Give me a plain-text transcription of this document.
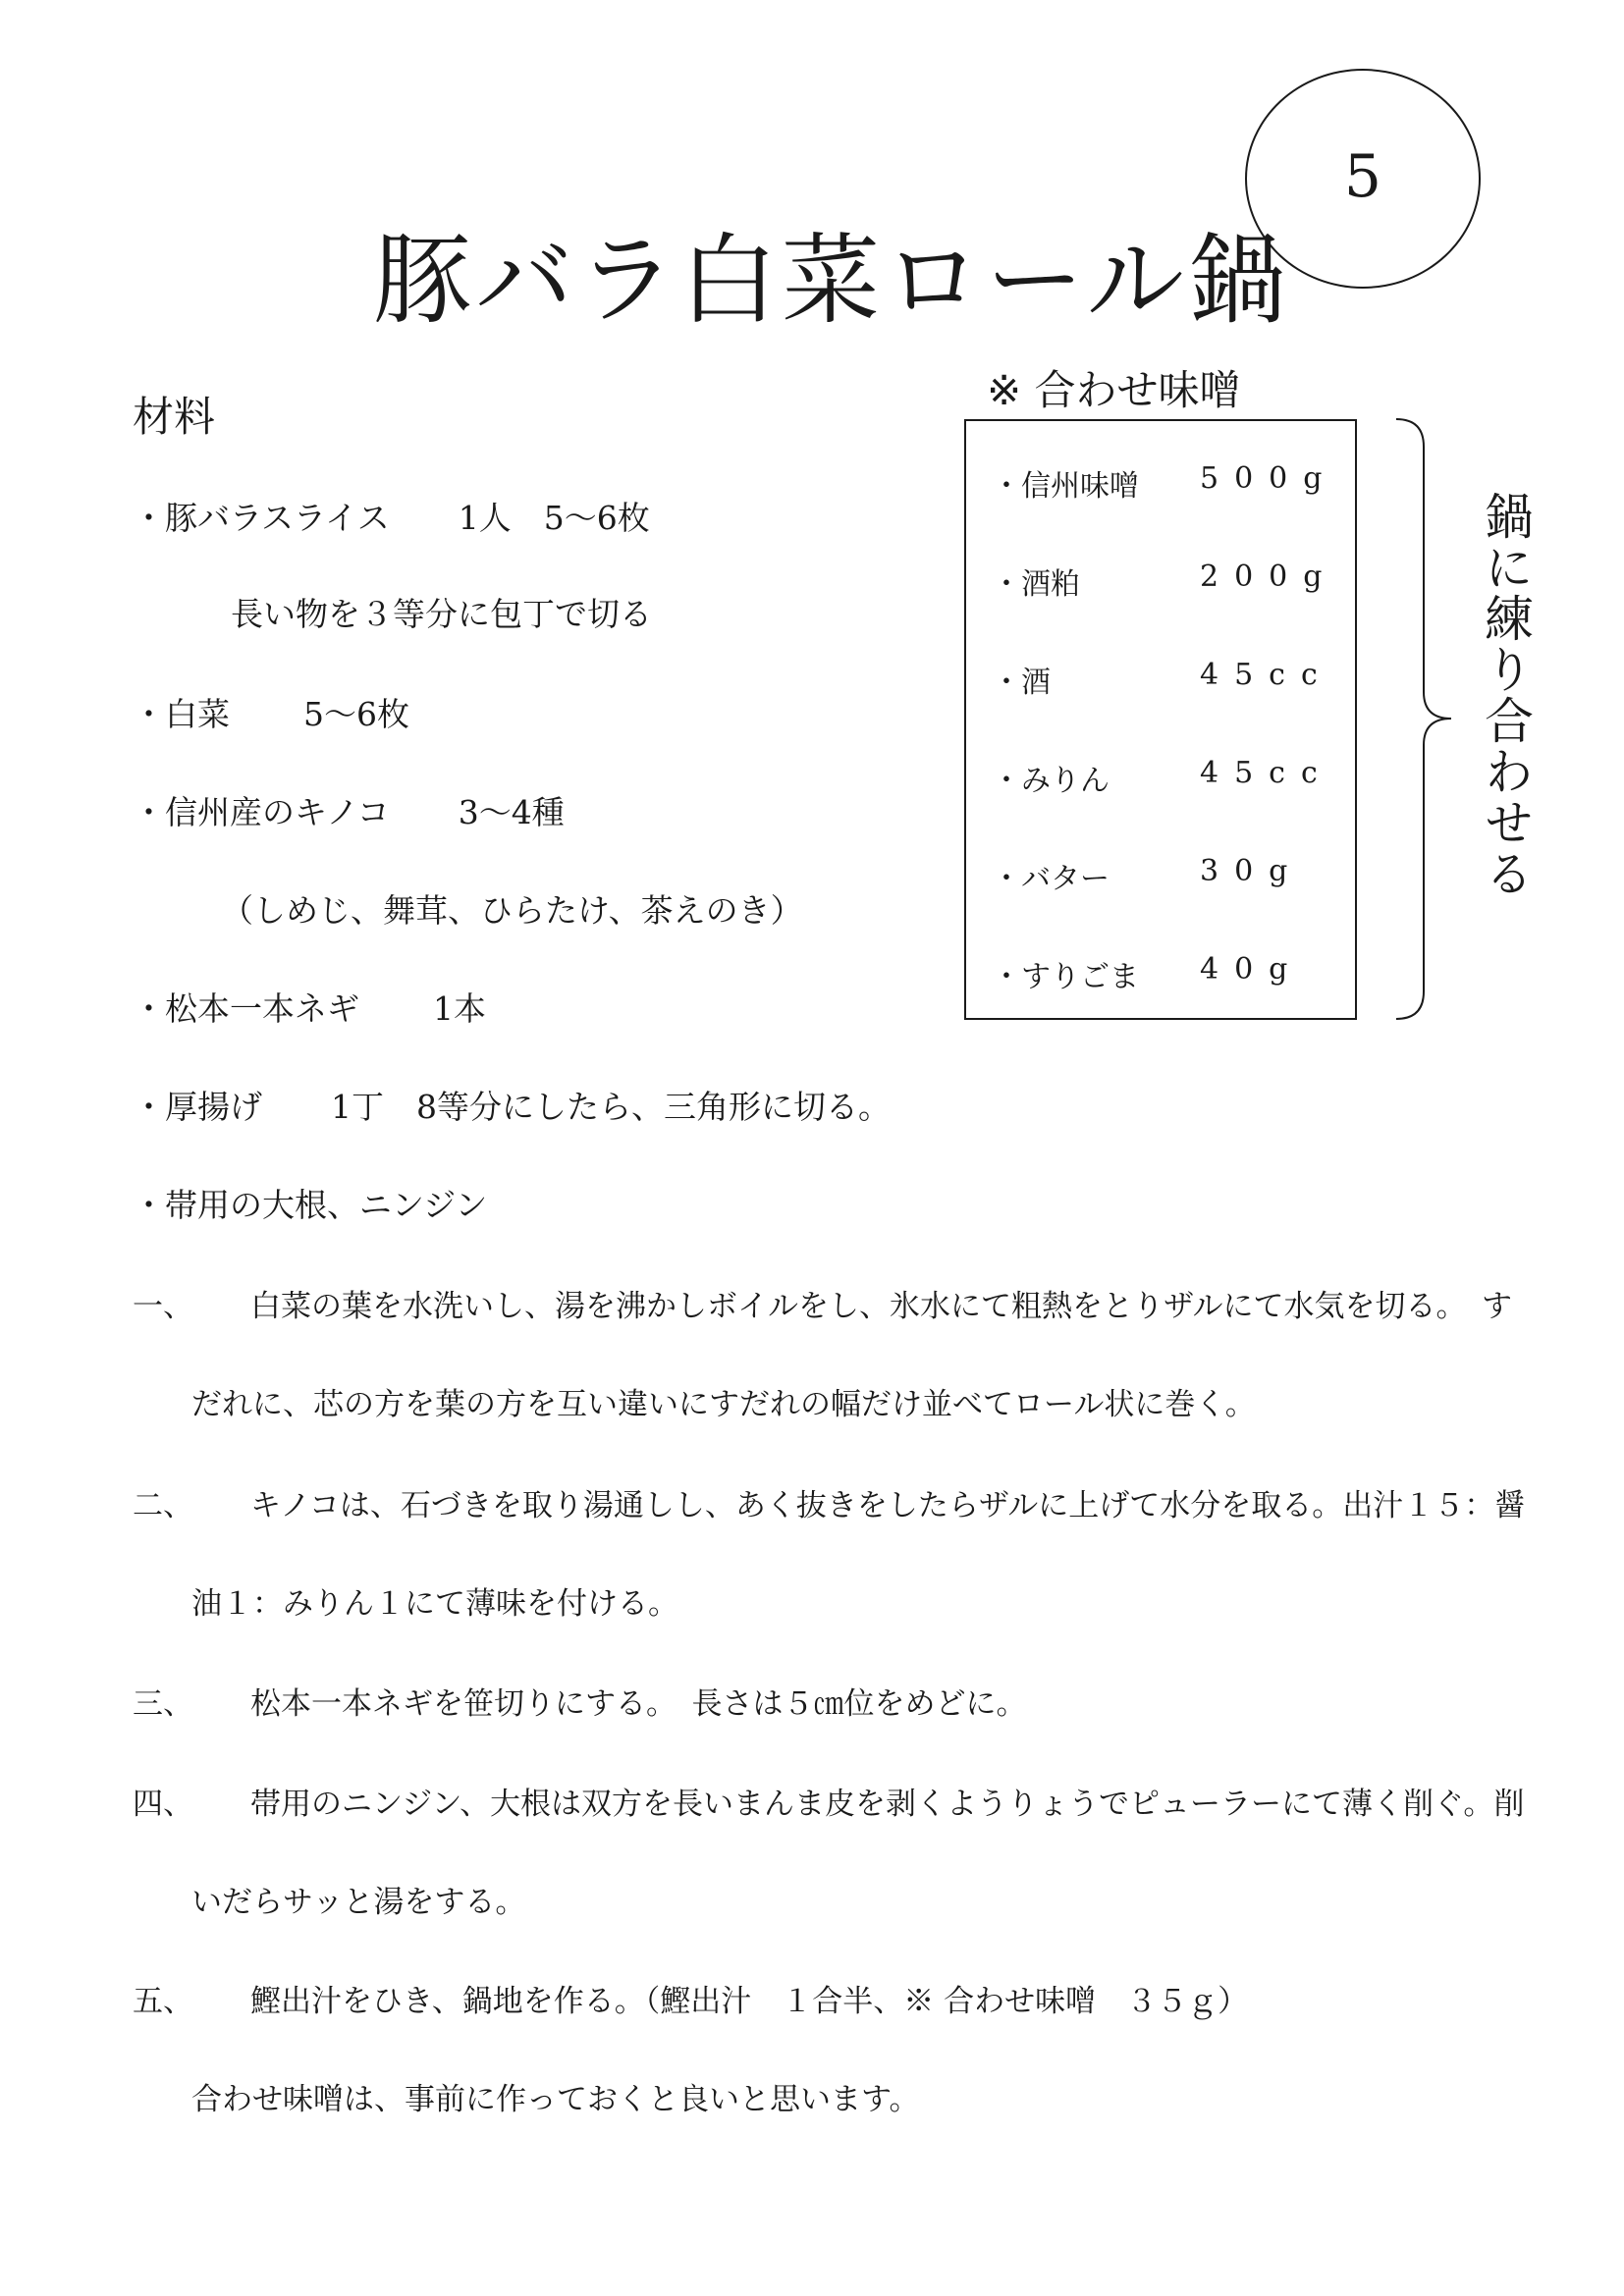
豚バラ白菜ロール鍋
5
材料
・豚バラスライス 1人　5～6枚
長い物を３等分に包丁で切る
・白菜 5～6枚
・信州産のキノコ 3～4種
（しめじ、舞茸、ひらたけ、茶えのき）
・松本一本ネギ 1本
・厚揚げ 1丁　8等分にしたら、三角形に切る。
・帯用の大根、ニンジン
※ 合わせ味噌
・信州味噌 500g
・酒粕	200g
・酒	45cc
・みりん	45cc
・バター	30g
・すりごま 40g
鍋に練り合わせる
一、 白菜の葉を水洗いし、湯を沸かしボイルをし、氷水にて粗熱をとりザルにて水気を切る。　す
だれに、芯の方を葉の方を互い違いにすだれの幅だけ並べてロール状に巻く。
二、 キノコは、石づきを取り湯通しし、あく抜きをしたらザルに上げて水分を取る。出汁１５：醤
油１：みりん１にて薄味を付ける。
三、 松本一本ネギを笹切りにする。　長さは５㎝位をめどに。
四、 帯用のニンジン、大根は双方を長いまんま皮を剥くようりょうでピューラーにて薄く削ぐ。削
いだらサッと湯をする。
五、 鰹出汁をひき、鍋地を作る。（鰹出汁　１合半、※ 合わせ味噌　３５ｇ）
合わせ味噌は、事前に作っておくと良いと思います。
